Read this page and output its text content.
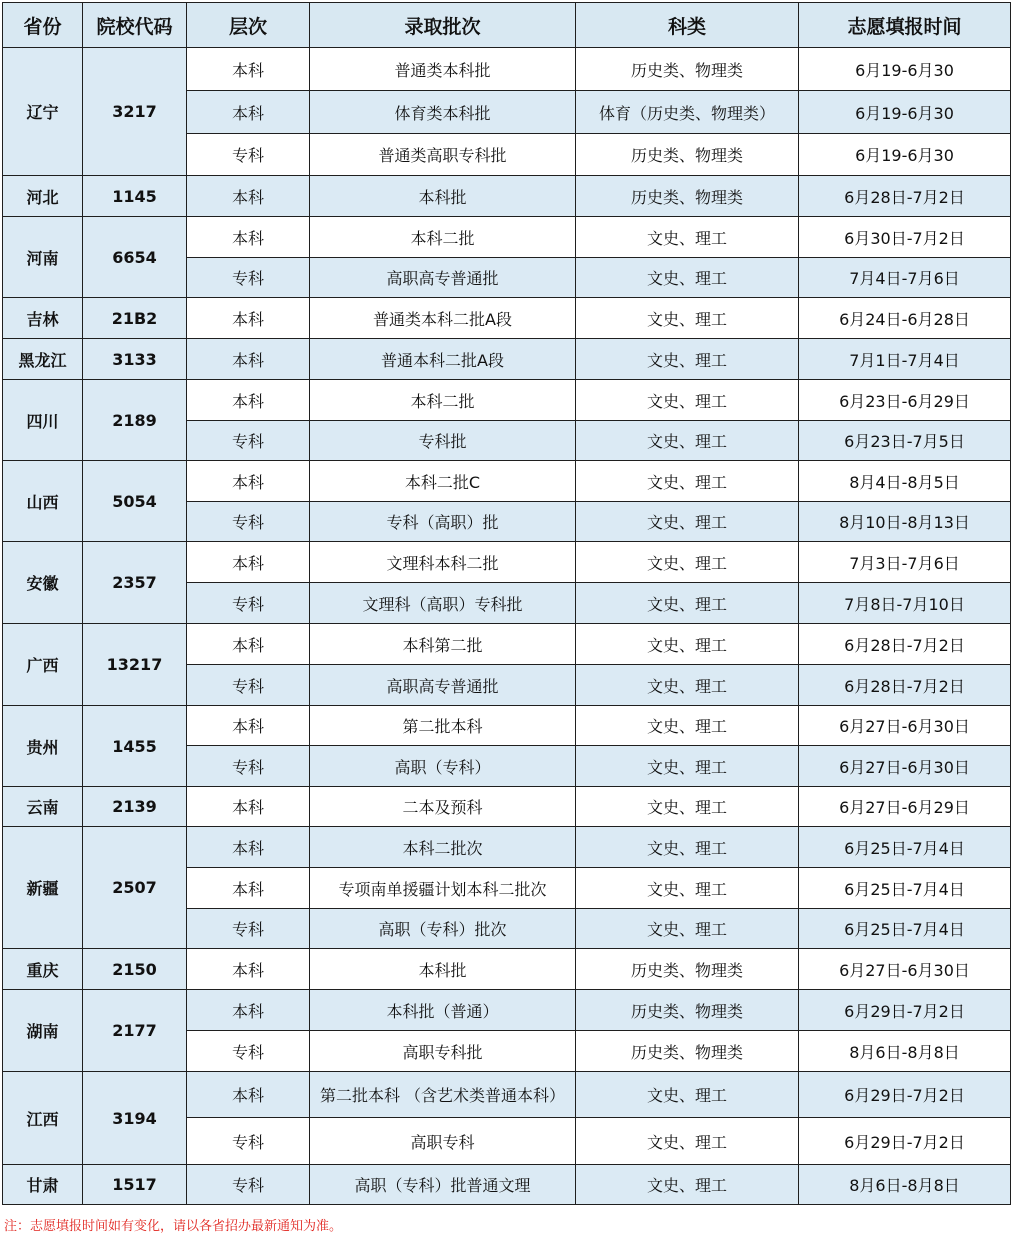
省份	院校代码	层次	录取批次	科类	志愿填报时间
辽宁	3217	本科	普通类本科批	历史类、物理类	6月19-6月30
		本科	体育类本科批	体育（历史类、物理类）	6月19-6月30
		专科	普通类高职专科批	历史类、物理类	6月19-6月30
河北	1145	本科	本科批	历史类、物理类	6月28日-7月2日
河南	6654	本科	本科二批	文史、理工	6月30日-7月2日
		专科	高职高专普通批	文史、理工	7月4日-7月6日
吉林	21B2	本科	普通类本科二批A段	文史、理工	6月24日-6月28日
黑龙江	3133	本科	普通本科二批A段	文史、理工	7月1日-7月4日
四川	2189	本科	本科二批	文史、理工	6月23日-6月29日
		专科	专科批	文史、理工	6月23日-7月5日
山西	5054	本科	本科二批C	文史、理工	8月4日-8月5日
		专科	专科（高职）批	文史、理工	8月10日-8月13日
安徽	2357	本科	文理科本科二批	文史、理工	7月3日-7月6日
		专科	文理科（高职）专科批	文史、理工	7月8日-7月10日
广西	13217	本科	本科第二批	文史、理工	6月28日-7月2日
		专科	高职高专普通批	文史、理工	6月28日-7月2日
贵州	1455	本科	第二批本科	文史、理工	6月27日-6月30日
		专科	高职（专科）	文史、理工	6月27日-6月30日
云南	2139	本科	二本及预科	文史、理工	6月27日-6月29日
新疆	2507	本科	本科二批次	文史、理工	6月25日-7月4日
		本科	专项南单援疆计划本科二批次	文史、理工	6月25日-7月4日
		专科	高职（专科）批次	文史、理工	6月25日-7月4日
重庆	2150	本科	本科批	历史类、物理类	6月27日-6月30日
湖南	2177	本科	本科批（普通）	历史类、物理类	6月29日-7月2日
		专科	高职专科批	历史类、物理类	8月6日-8月8日
江西	3194	本科	第二批本科 （含艺术类普通本科）	文史、理工	6月29日-7月2日
		专科	高职专科	文史、理工	6月29日-7月2日
甘肃	1517	专科	高职（专科）批普通文理	文史、理工	8月6日-8月8日
注：志愿填报时间如有变化，请以各省招办最新通知为准。
